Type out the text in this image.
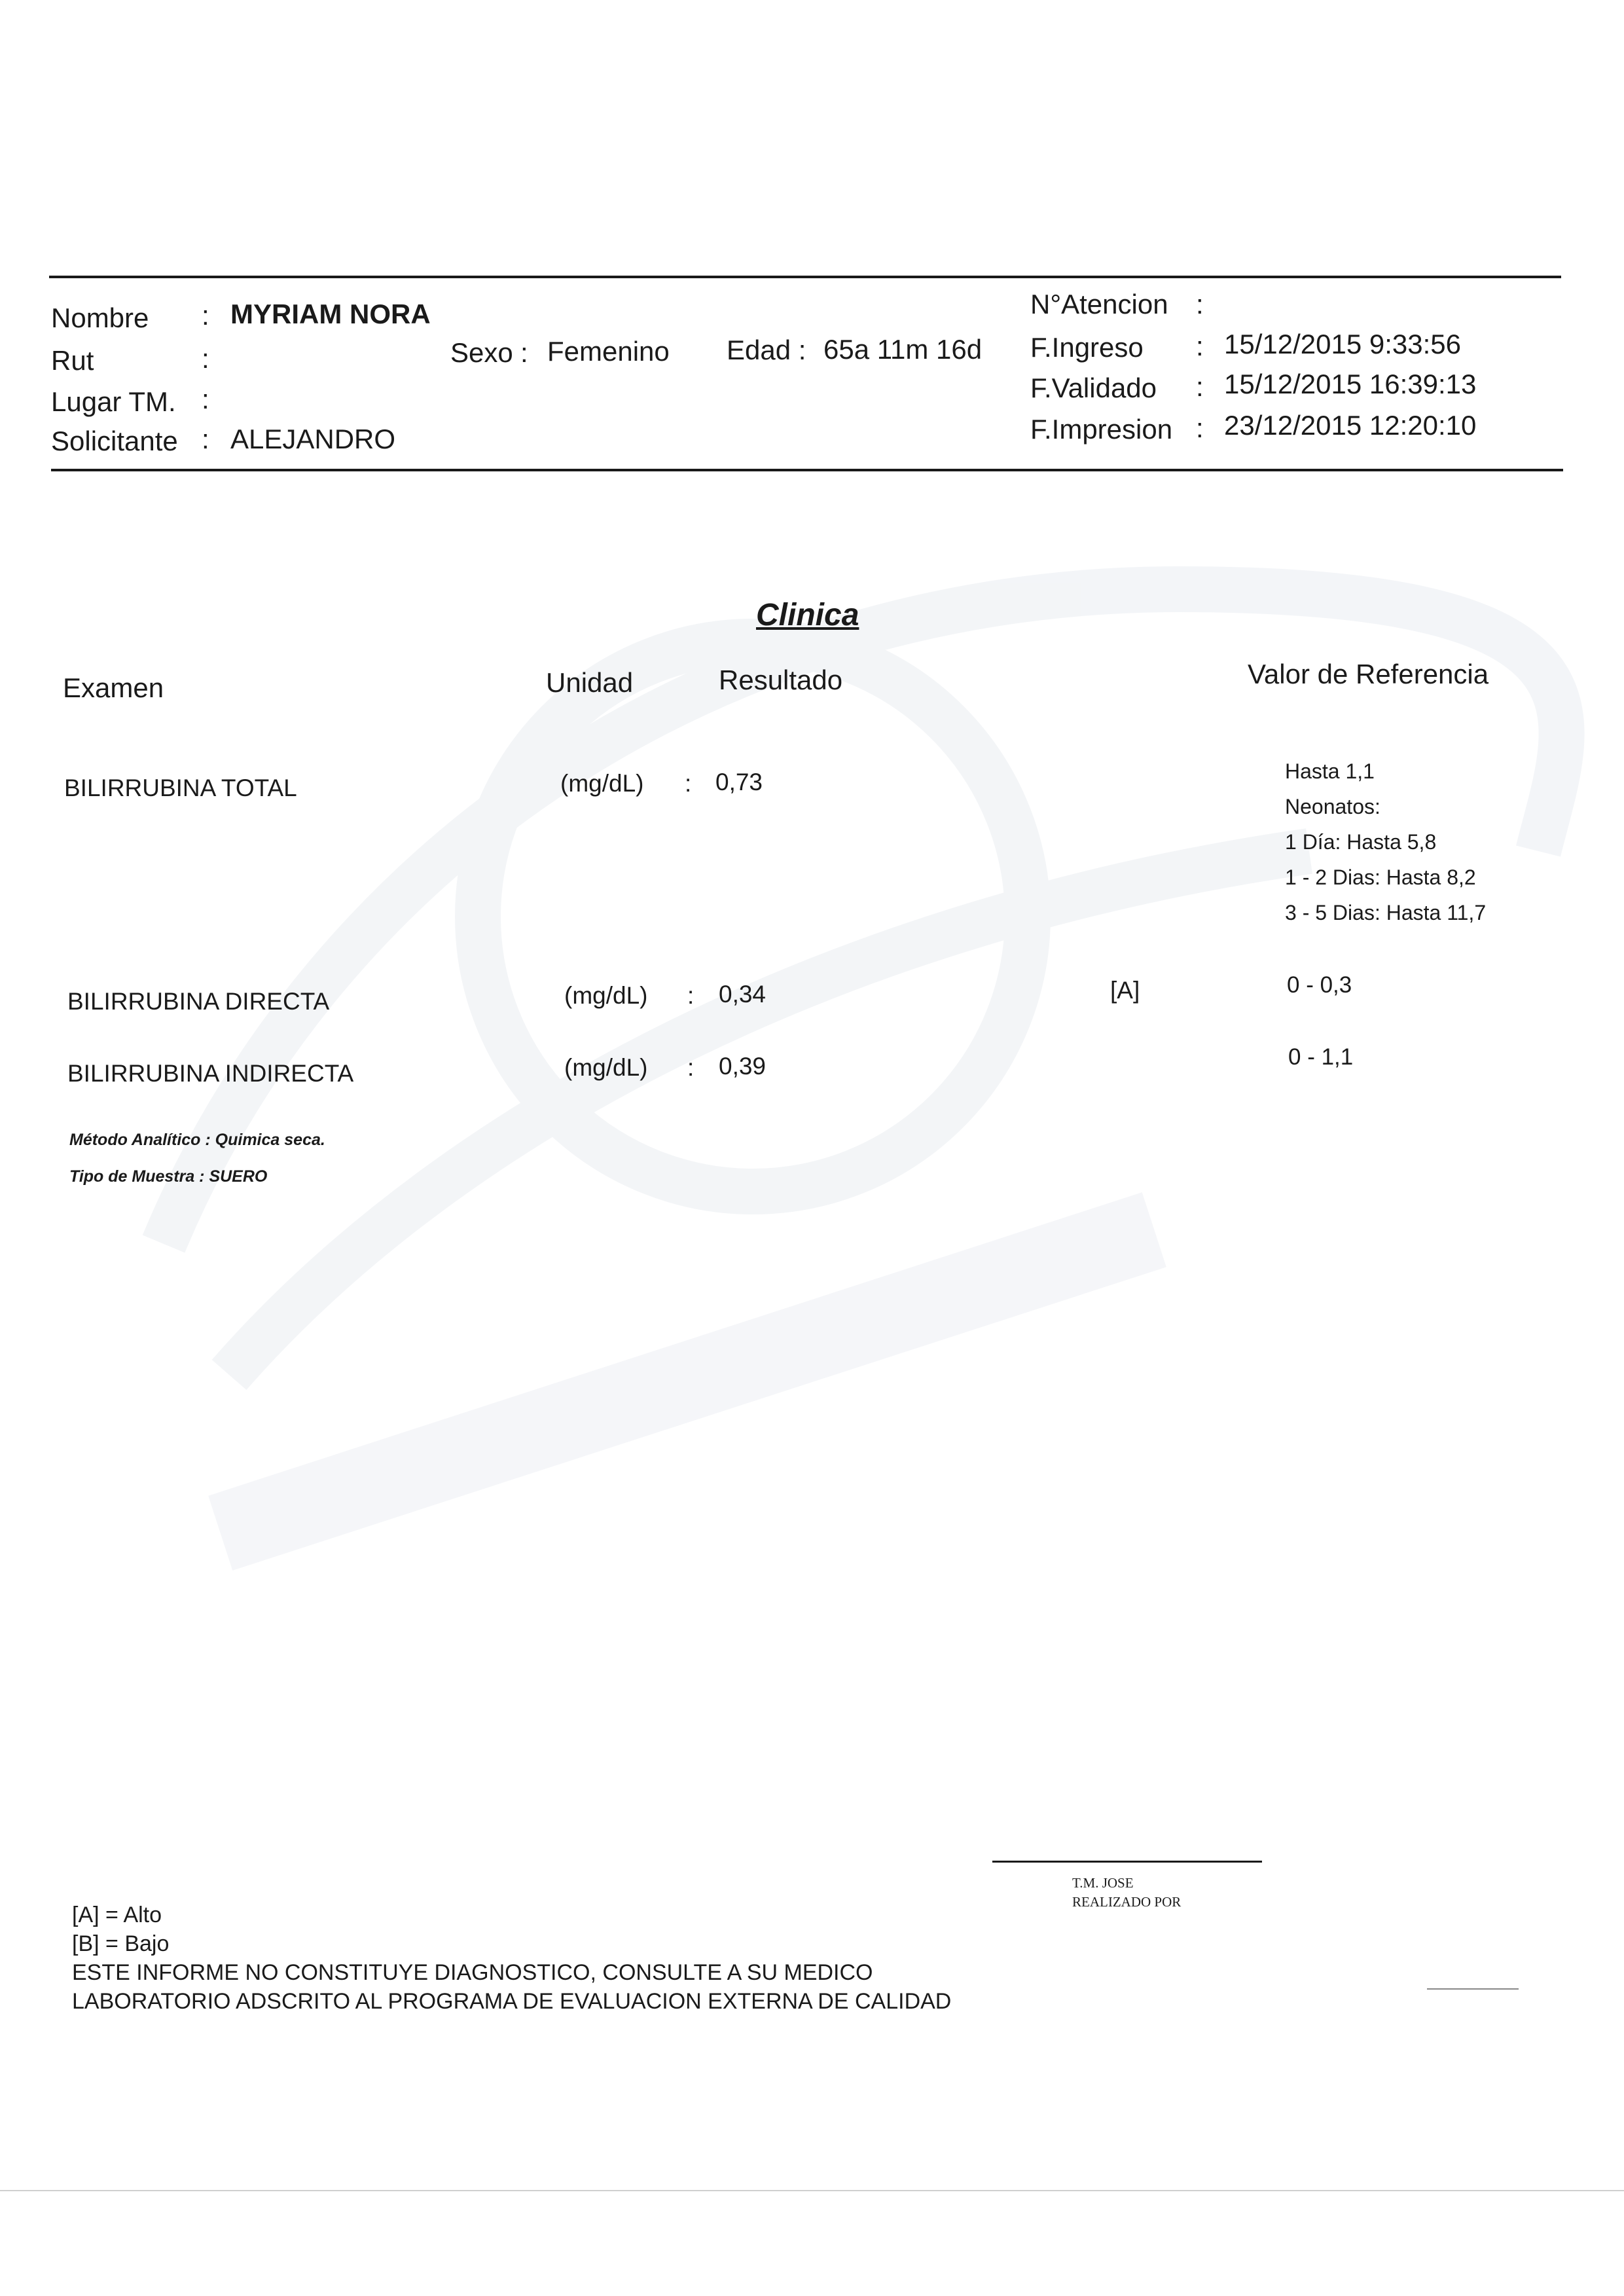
Nombre : MYRIAM NORA
Rut	:	Sexo : Femenino Edad : 65a 11m 16d
Lugar TM. :
Solicitante : ALEJANDRO
N°Atencion :
F.Ingreso : 15/12/2015 9:33:56
F.Validado : 15/12/2015 16:39:13
F.Impresion : 23/12/2015 12:20:10
Clinica
Examen	Unidad	Resultado	Valor de Referencia
BILIRRUBINA TOTAL	(mg/dL) : 0,73	Hasta 1,1
Neonatos:
1 Día: Hasta 5,8
1 - 2 Dias: Hasta 8,2
3 - 5 Dias: Hasta 11,7
BILIRRUBINA DIRECTA	(mg/dL) : 0,34	[A]	0 - 0,3
BILIRRUBINA INDIRECTA	(mg/dL) : 0,39	0 - 1,1
Método Analítico : Quimica seca.
Tipo de Muestra : SUERO
T.M. JOSE
REALIZADO POR
[A] = Alto
[B] = Bajo
ESTE INFORME NO CONSTITUYE DIAGNOSTICO, CONSULTE A SU MEDICO
LABORATORIO ADSCRITO AL PROGRAMA DE EVALUACION EXTERNA DE CALIDAD
